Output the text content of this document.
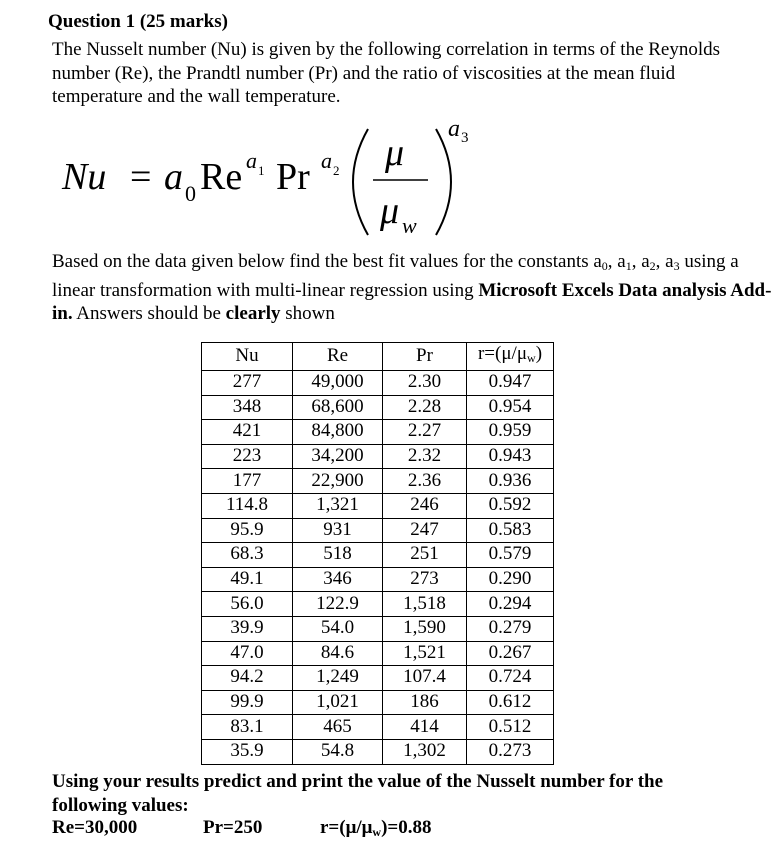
Question 1 (25 marks)
The Nusselt number (Nu) is given by the following correlation in terms of the Reynolds number (Re), the Prandtl number (Pr) and the ratio of viscosities at the mean fluid temperature and the wall temperature.
Nu = a 0 Re a 1 Pr a 2 μ
μ w
a 3
Based on the data given below find the best fit values for the constants $a_0$, $a_1$, $a_2$, $a_3$ using a linear transformation with multi-linear regression using Microsoft Excels Data analysis Add-in. Answers should be clearly shown
Nu	Re	Pr	$r=(\mu/\mu_w)$
277	49,000	2.30	0.947
348	68,600	2.28	0.954
421	84,800	2.27	0.959
223	34,200	2.32	0.943
177	22,900	2.36	0.936
114.8	1,321	246	0.592
95.9	931	247	0.583
68.3	518	251	0.579
49.1	346	273	0.290
56.0	122.9	1,518	0.294
39.9	54.0	1,590	0.279
47.0	84.6	1,521	0.267
94.2	1,249	107.4	0.724
99.9	1,021	186	0.612
83.1	465	414	0.512
35.9	54.8	1,302	0.273
Using your results predict and print the value of the Nusselt number for the
following values:
Re=30,000	Pr=250	$r=(\mu/\mu_w)=0.88$
